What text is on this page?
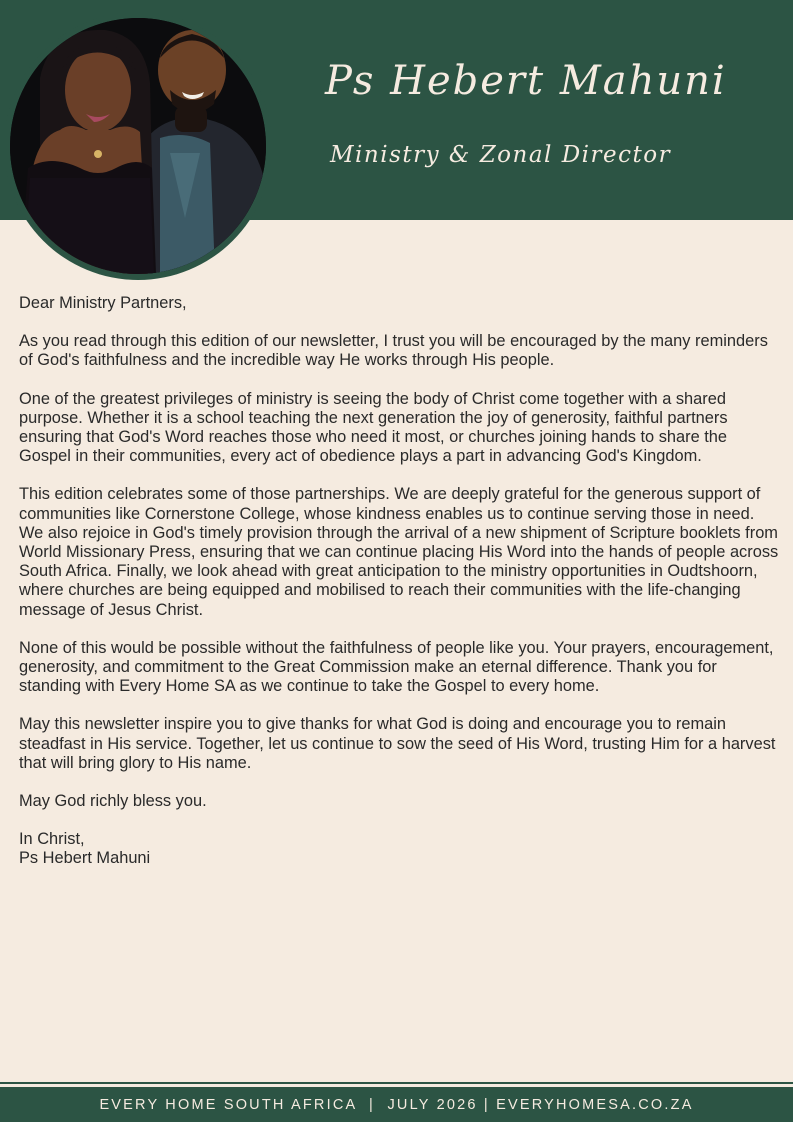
Ps Hebert Mahuni
Ministry & Zonal Director

Dear Ministry Partners,

As you read through this edition of our newsletter, I trust you will be encouraged by the many reminders of God's faithfulness and the incredible way He works through His people.

One of the greatest privileges of ministry is seeing the body of Christ come together with a shared purpose. Whether it is a school teaching the next generation the joy of generosity, faithful partners ensuring that God's Word reaches those who need it most, or churches joining hands to share the Gospel in their communities, every act of obedience plays a part in advancing God's Kingdom.

This edition celebrates some of those partnerships. We are deeply grateful for the generous support of communities like Cornerstone College, whose kindness enables us to continue serving those in need. We also rejoice in God's timely provision through the arrival of a new shipment of Scripture booklets from World Missionary Press, ensuring that we can continue placing His Word into the hands of people across South Africa. Finally, we look ahead with great anticipation to the ministry opportunities in Oudtshoorn, where churches are being equipped and mobilised to reach their communities with the life-changing message of Jesus Christ.

None of this would be possible without the faithfulness of people like you. Your prayers, encouragement, generosity, and commitment to the Great Commission make an eternal difference. Thank you for standing with Every Home SA as we continue to take the Gospel to every home.

May this newsletter inspire you to give thanks for what God is doing and encourage you to remain steadfast in His service. Together, let us continue to sow the seed of His Word, trusting Him for a harvest that will bring glory to His name.

May God richly bless you.

In Christ,

Ps Hebert Mahuni

EVERY HOME SOUTH AFRICA  |  JULY 2026 | EVERYHOMESA.CO.ZA
